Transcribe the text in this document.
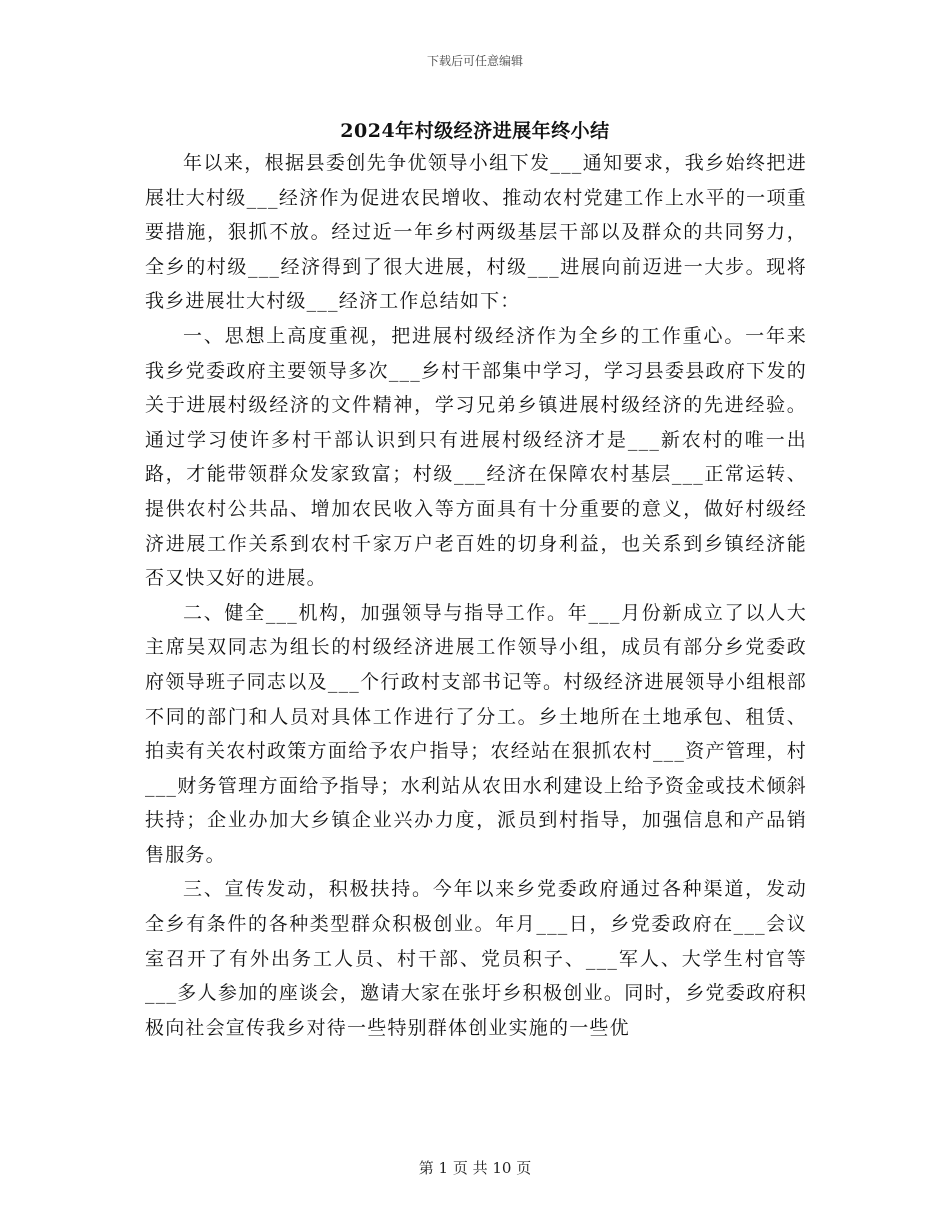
下载后可任意编辑
2024年村级经济进展年终小结

年以来，根据县委创先争优领导小组下发___通知要求，我乡始终把进展壮大村级___经济作为促进农民增收、推动农村党建工作上水平的一项重要措施，狠抓不放。经过近一年乡村两级基层干部以及群众的共同努力，全乡的村级___经济得到了很大进展，村级___进展向前迈进一大步。现将我乡进展壮大村级___经济工作总结如下：

一、思想上高度重视，把进展村级经济作为全乡的工作重心。一年来我乡党委政府主要领导多次___乡村干部集中学习，学习县委县政府下发的关于进展村级经济的文件精神，学习兄弟乡镇进展村级经济的先进经验。通过学习使许多村干部认识到只有进展村级经济才是___新农村的唯一出路，才能带领群众发家致富；村级___经济在保障农村基层___正常运转、提供农村公共品、增加农民收入等方面具有十分重要的意义，做好村级经济进展工作关系到农村千家万户老百姓的切身利益，也关系到乡镇经济能否又快又好的进展。

二、健全___机构，加强领导与指导工作。年___月份新成立了以人大主席吴双同志为组长的村级经济进展工作领导小组，成员有部分乡党委政府领导班子同志以及___个行政村支部书记等。村级经济进展领导小组根部不同的部门和人员对具体工作进行了分工。乡土地所在土地承包、租赁、拍卖有关农村政策方面给予农户指导；农经站在狠抓农村___资产管理，村___财务管理方面给予指导；水利站从农田水利建设上给予资金或技术倾斜扶持；企业办加大乡镇企业兴办力度，派员到村指导，加强信息和产品销售服务。

三、宣传发动，积极扶持。今年以来乡党委政府通过各种渠道，发动全乡有条件的各种类型群众积极创业。年月___日，乡党委政府在___会议室召开了有外出务工人员、村干部、党员积子、___军人、大学生村官等___多人参加的座谈会，邀请大家在张圩乡积极创业。同时，乡党委政府积极向社会宣传我乡对待一些特别群体创业实施的一些优

第 1 页 共 10 页
